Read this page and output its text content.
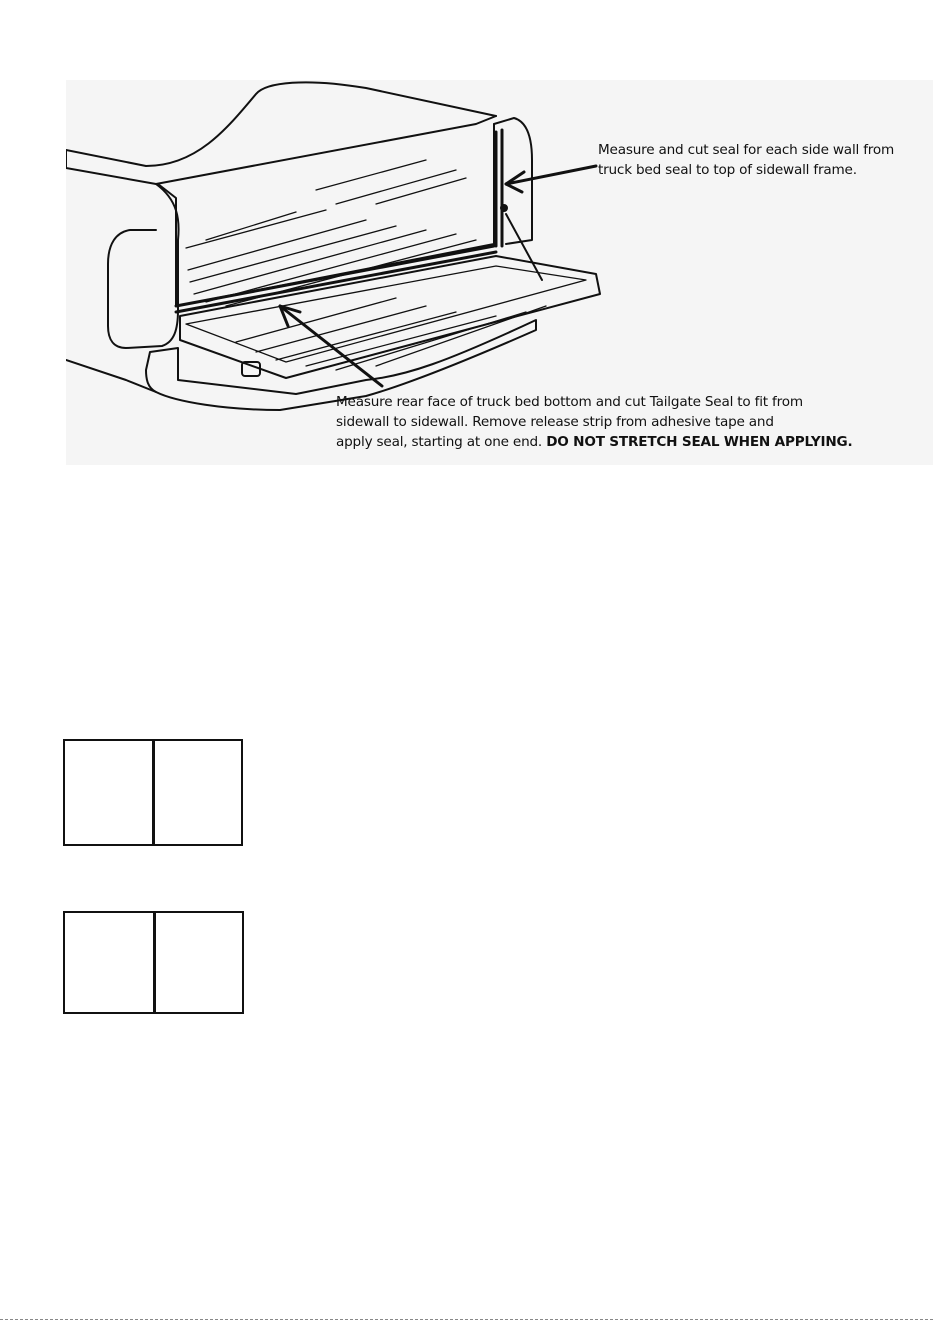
Measure and cut seal for each side wall from
truck bed seal to top of sidewall frame.
Measure rear face of truck bed bottom and cut Tailgate Seal to fit from
sidewall to sidewall. Remove release strip from adhesive tape and
apply seal, starting at one end. DO NOT STRETCH SEAL WHEN APPLYING.
